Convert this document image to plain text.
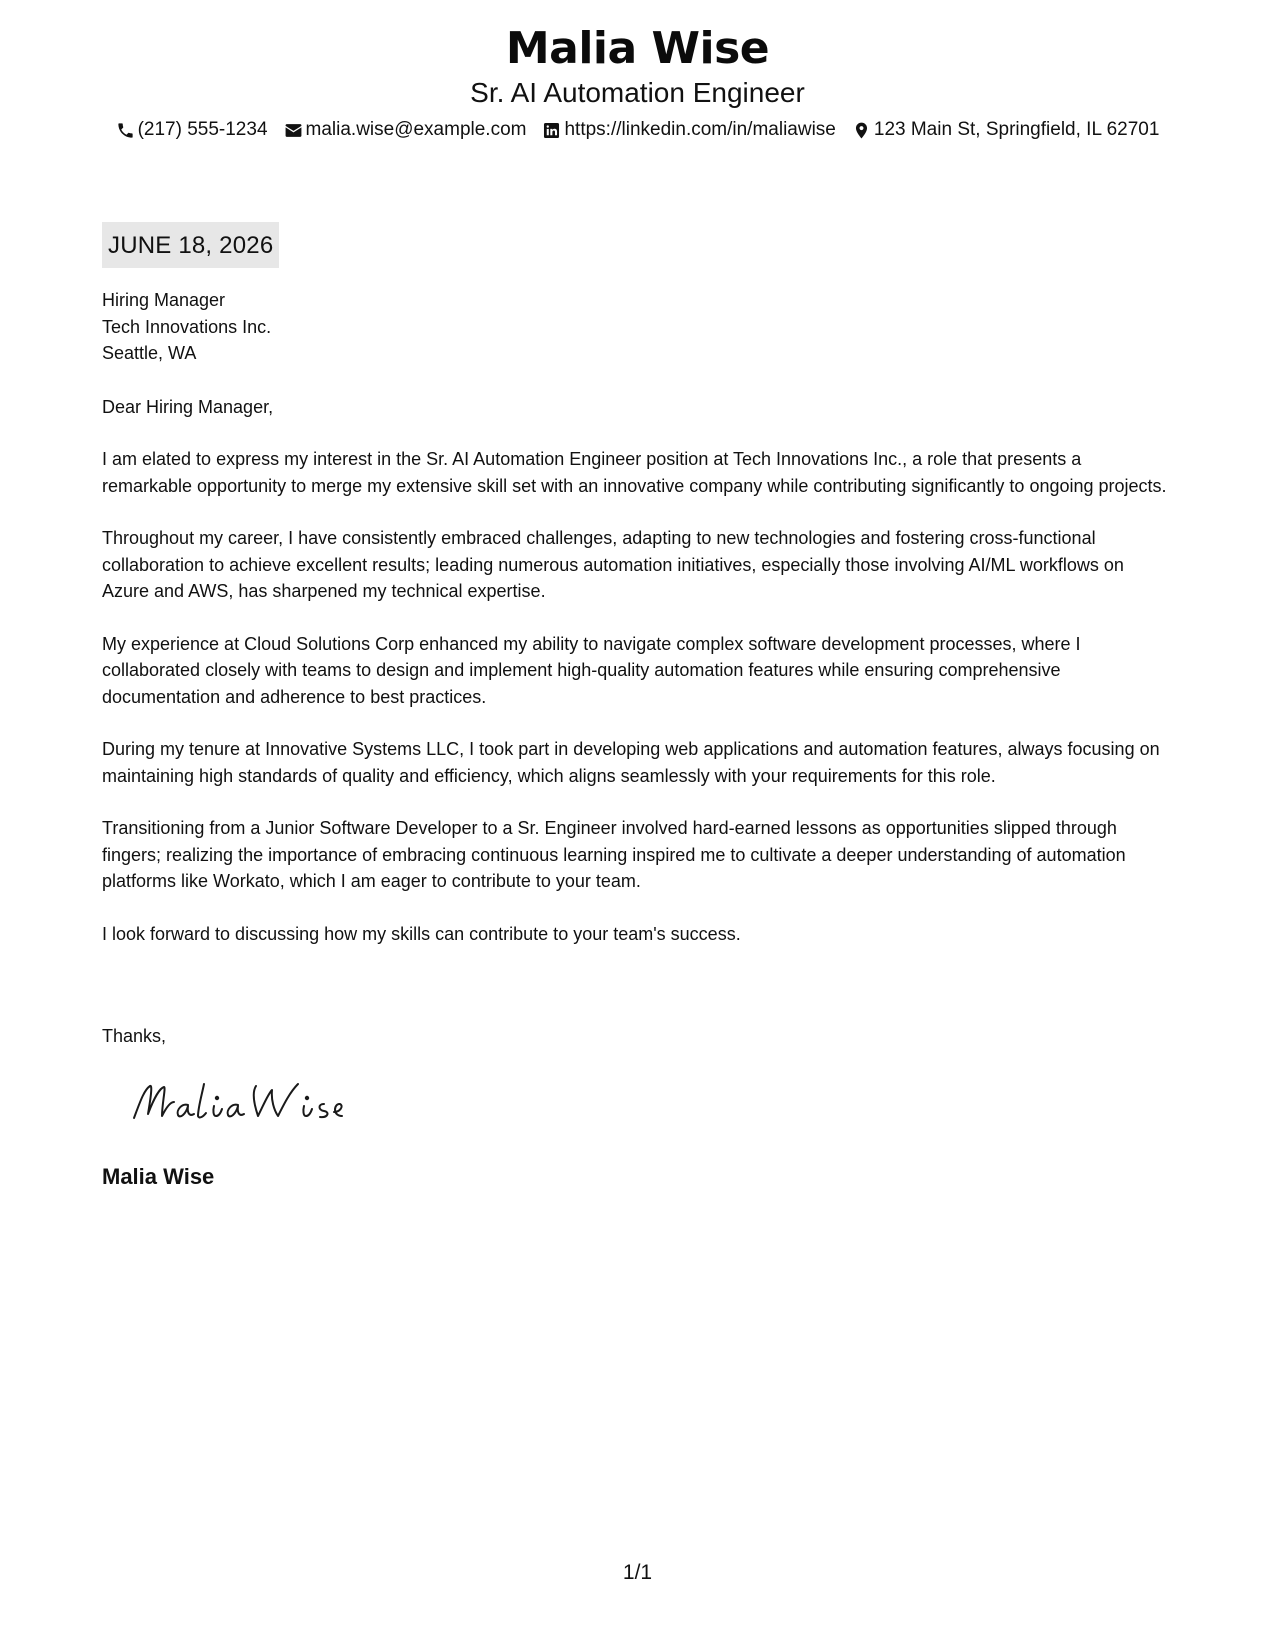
Malia Wise
Sr. AI Automation Engineer
(217) 555-1234 malia.wise@example.com https://linkedin.com/in/maliawise 123 Main St, Springfield, IL 62701
JUNE 18, 2026
Hiring Manager
Tech Innovations Inc.
Seattle, WA
Dear Hiring Manager,

I am elated to express my interest in the Sr. AI Automation Engineer position at Tech Innovations Inc., a role that presents a remarkable opportunity to merge my extensive skill set with an innovative company while contributing significantly to ongoing projects.

Throughout my career, I have consistently embraced challenges, adapting to new technologies and fostering cross-functional collaboration to achieve excellent results; leading numerous automation initiatives, especially those involving AI/ML workflows on Azure and AWS, has sharpened my technical expertise.

My experience at Cloud Solutions Corp enhanced my ability to navigate complex software development processes, where I collaborated closely with teams to design and implement high-quality automation features while ensuring comprehensive documentation and adherence to best practices.

During my tenure at Innovative Systems LLC, I took part in developing web applications and automation features, always focusing on maintaining high standards of quality and efficiency, which aligns seamlessly with your requirements for this role.

Transitioning from a Junior Software Developer to a Sr. Engineer involved hard-earned lessons as opportunities slipped through fingers; realizing the importance of embracing continuous learning inspired me to cultivate a deeper understanding of automation platforms like Workato, which I am eager to contribute to your team.

I look forward to discussing how my skills can contribute to your team's success.

Thanks,
Malia Wise
1/1
